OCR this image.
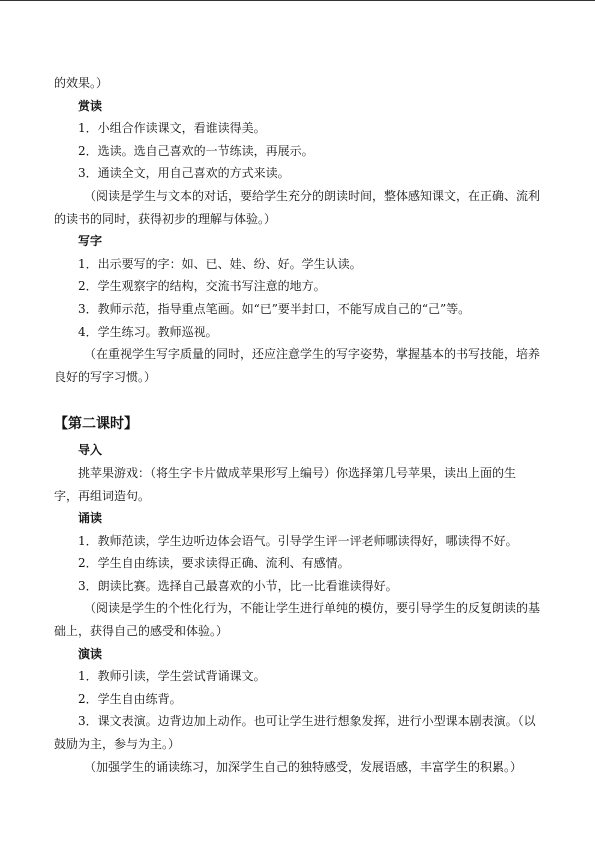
的效果。）

赏读

1．小组合作读课文，看谁读得美。

2．选读。选自己喜欢的一节练读，再展示。

3．通读全文，用自己喜欢的方式来读。

（阅读是学生与文本的对话，要给学生充分的朗读时间，整体感知课文，在正确、流利

的读书的同时，获得初步的理解与体验。）

写字

1．出示要写的字：如、已、娃、纷、好。学生认读。

2．学生观察字的结构，交流书写注意的地方。

3．教师示范，指导重点笔画。如“已”要半封口，不能写成自己的“己”等。

4．学生练习。教师巡视。

（在重视学生写字质量的同时，还应注意学生的写字姿势，掌握基本的书写技能，培养

良好的写字习惯。）

【第二课时】

导入

挑苹果游戏：（将生字卡片做成苹果形写上编号）你选择第几号苹果，读出上面的生

字，再组词造句。

诵读

1．教师范读，学生边听边体会语气。引导学生评一评老师哪读得好，哪读得不好。

2．学生自由练读，要求读得正确、流利、有感情。

3．朗读比赛。选择自己最喜欢的小节，比一比看谁读得好。

（阅读是学生的个性化行为，不能让学生进行单纯的模仿，要引导学生的反复朗读的基

础上，获得自己的感受和体验。）

演读

1．教师引读，学生尝试背诵课文。

2．学生自由练背。

3．课文表演。边背边加上动作。也可让学生进行想象发挥，进行小型课本剧表演。（以

鼓励为主，参与为主。）

（加强学生的诵读练习，加深学生自己的独特感受，发展语感，丰富学生的积累。）
